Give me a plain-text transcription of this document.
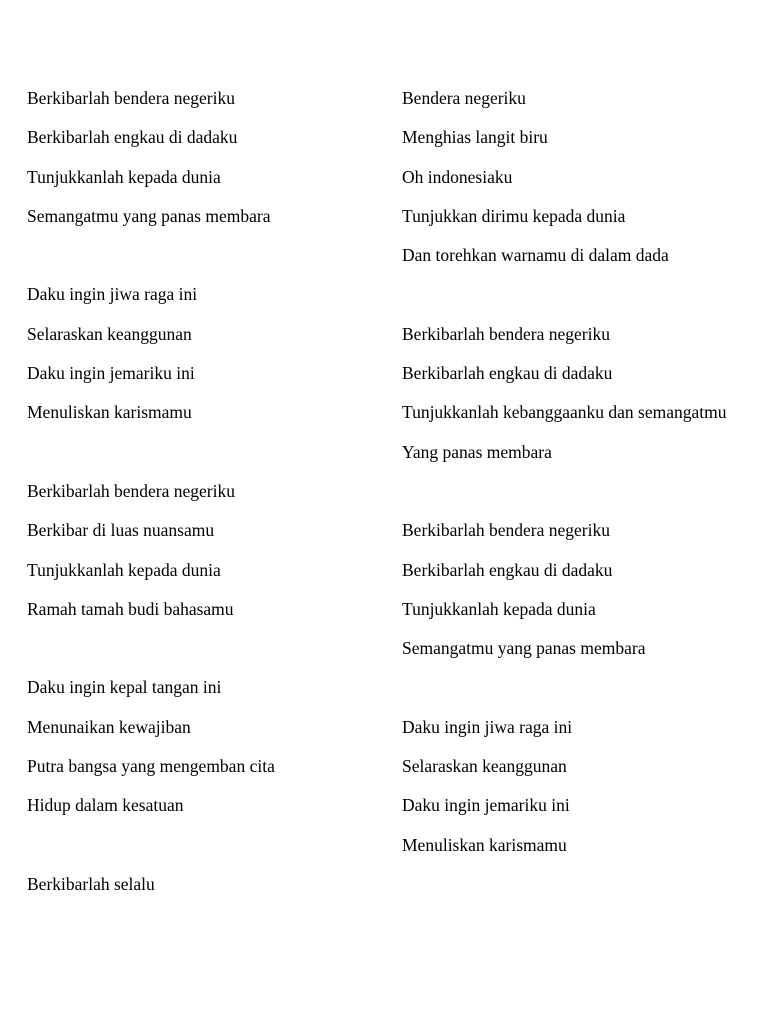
Berkibarlah bendera negeriku

Berkibarlah engkau di dadaku

Tunjukkanlah kepada dunia

Semangatmu yang panas membara

Daku ingin jiwa raga ini

Selaraskan keanggunan

Daku ingin jemariku ini

Menuliskan karismamu

Berkibarlah bendera negeriku

Berkibar di luas nuansamu

Tunjukkanlah kepada dunia

Ramah tamah budi bahasamu

Daku ingin kepal tangan ini

Menunaikan kewajiban

Putra bangsa yang mengemban cita

Hidup dalam kesatuan

Berkibarlah selalu

Bendera negeriku

Menghias langit biru

Oh indonesiaku

Tunjukkan dirimu kepada dunia

Dan torehkan warnamu di dalam dada

Berkibarlah bendera negeriku

Berkibarlah engkau di dadaku

Tunjukkanlah kebanggaanku dan semangatmu

Yang panas membara

Berkibarlah bendera negeriku

Berkibarlah engkau di dadaku

Tunjukkanlah kepada dunia

Semangatmu yang panas membara

Daku ingin jiwa raga ini

Selaraskan keanggunan

Daku ingin jemariku ini

Menuliskan karismamu
